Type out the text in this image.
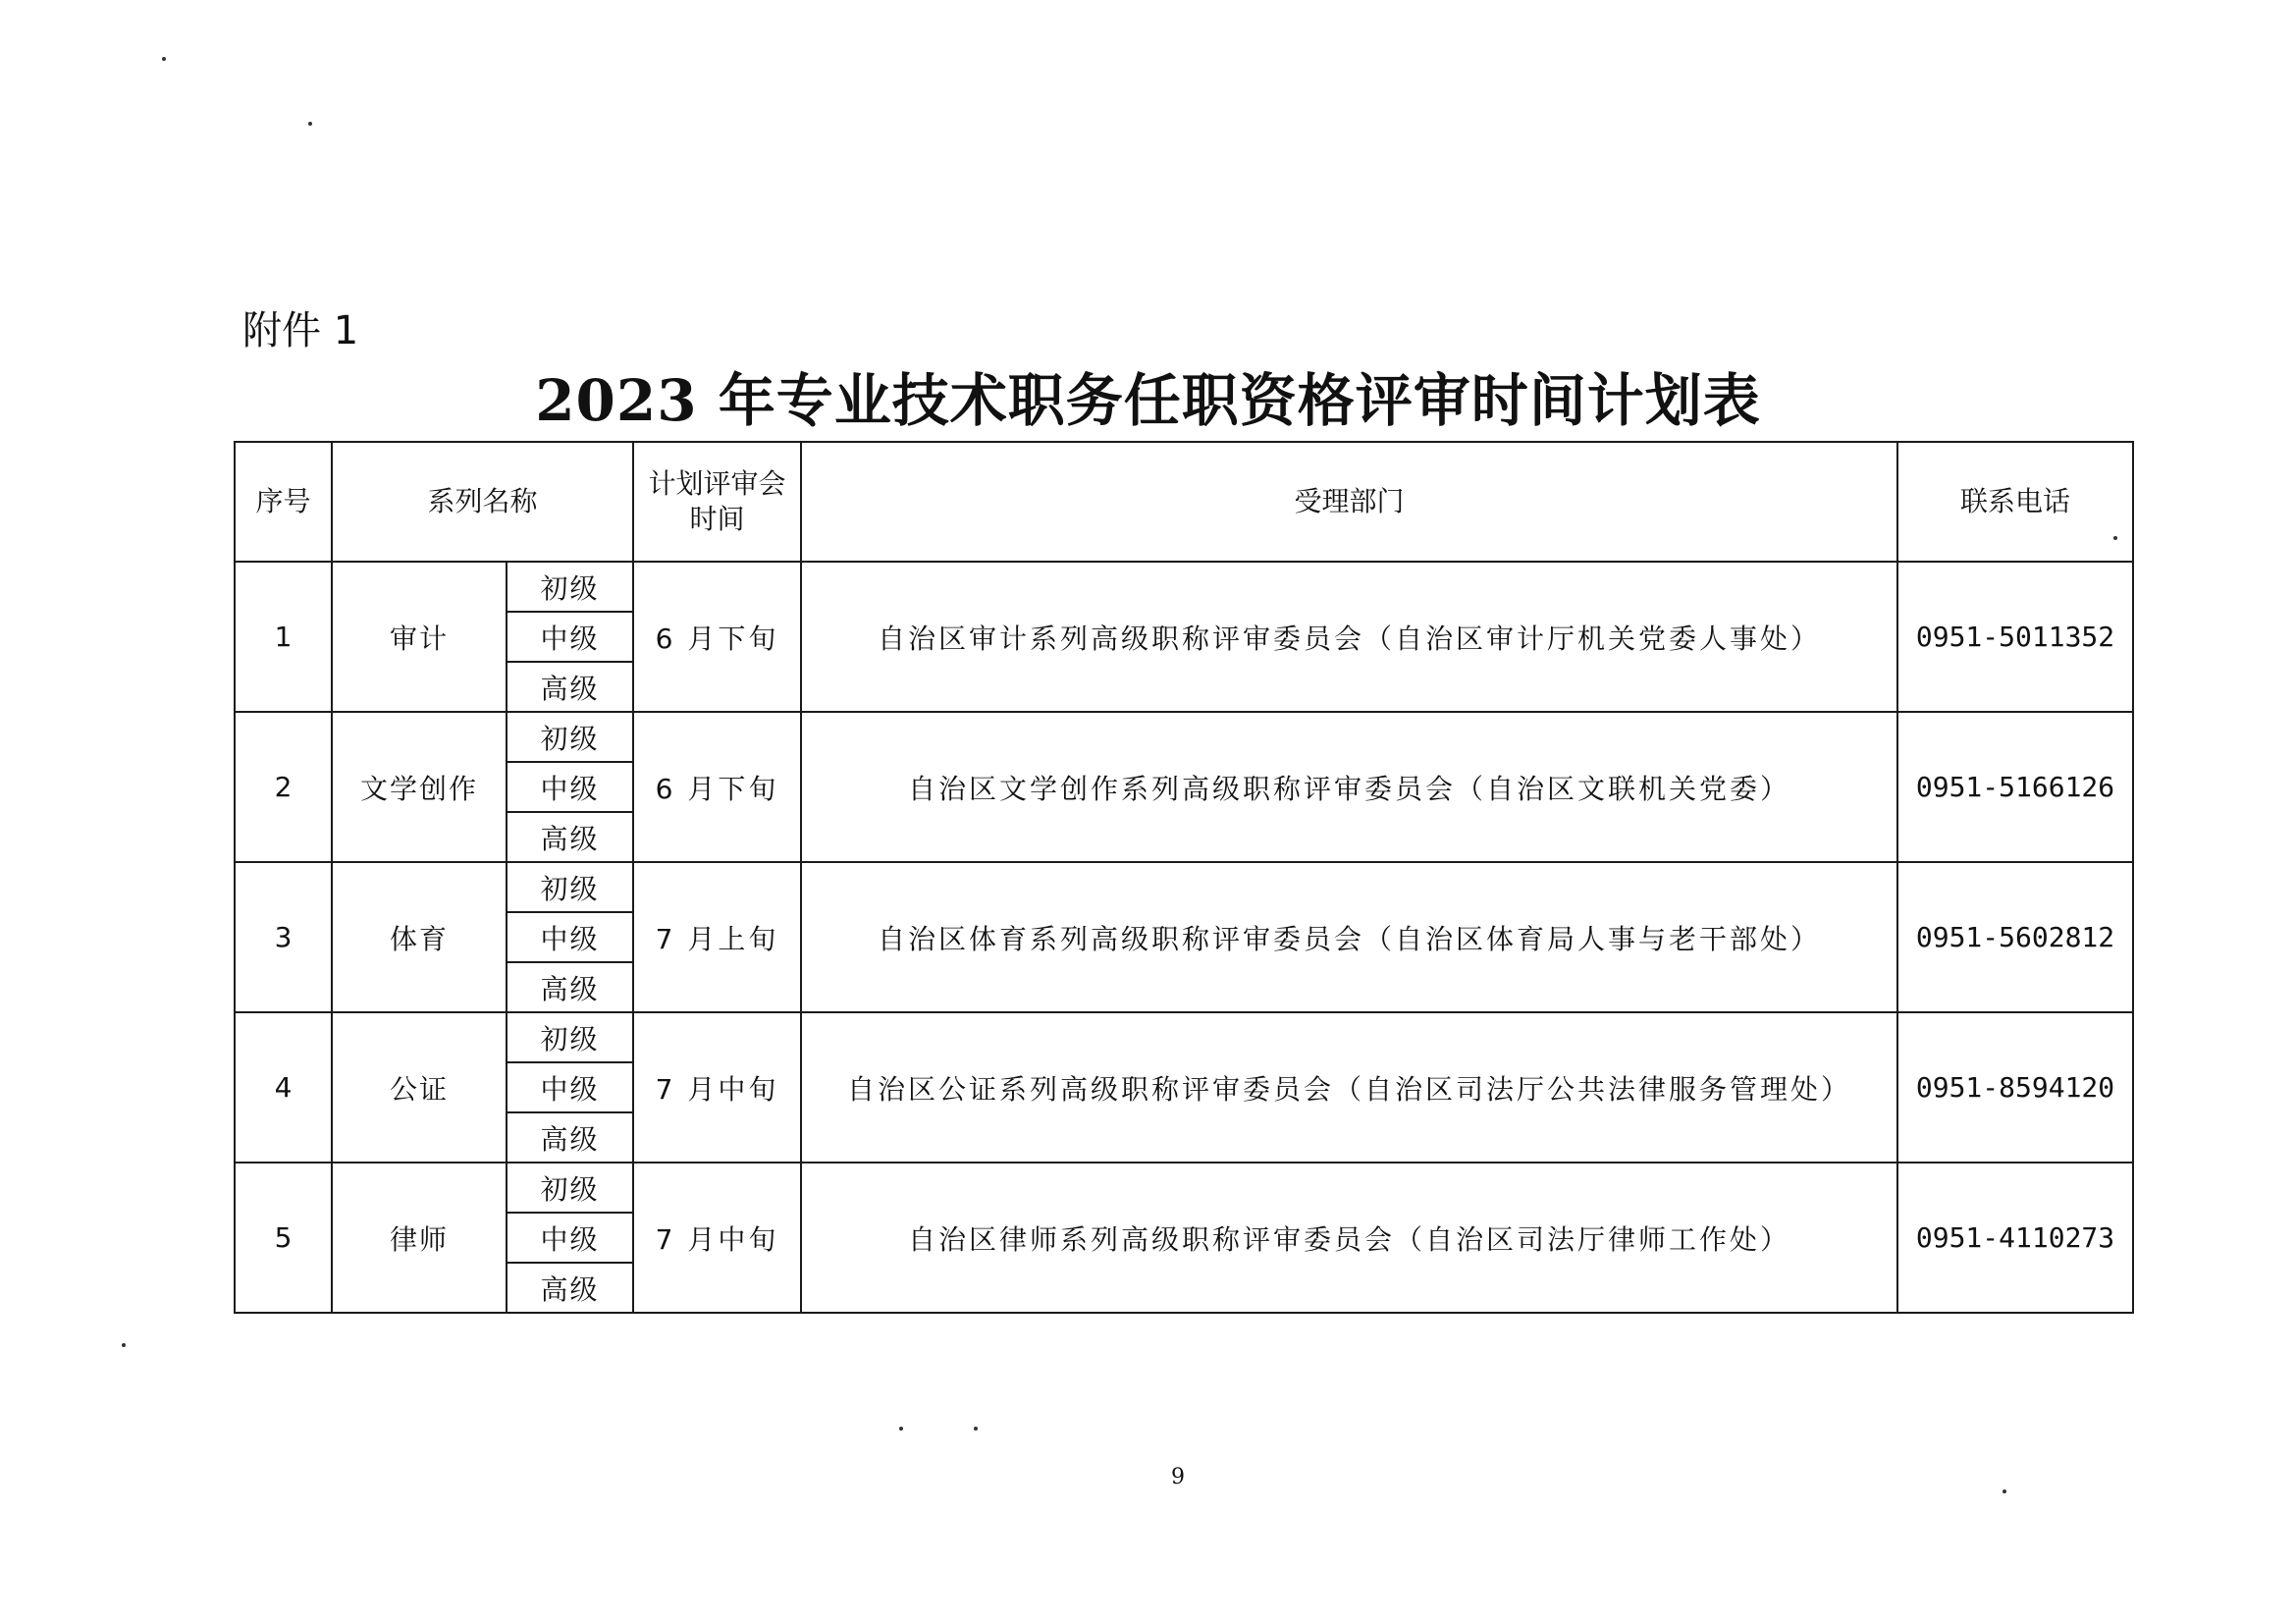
附件 1
2023 年专业技术职务任职资格评审时间计划表
序号	系列名称		计划评审会时间	受理部门	联系电话
1	审计	初级	6 月下旬	自治区审计系列高级职称评审委员会（自治区审计厅机关党委人事处）	0951-5011352
		中级			
		高级			
2	文学创作	初级	6 月下旬	自治区文学创作系列高级职称评审委员会（自治区文联机关党委）	0951-5166126
		中级			
		高级			
3	体育	初级	7 月上旬	自治区体育系列高级职称评审委员会（自治区体育局人事与老干部处）	0951-5602812
		中级			
		高级			
4	公证	初级	7 月中旬	自治区公证系列高级职称评审委员会（自治区司法厅公共法律服务管理处）	0951-8594120
		中级			
		高级			
5	律师	初级	7 月中旬	自治区律师系列高级职称评审委员会（自治区司法厅律师工作处）	0951-4110273
		中级			
		高级			
9
